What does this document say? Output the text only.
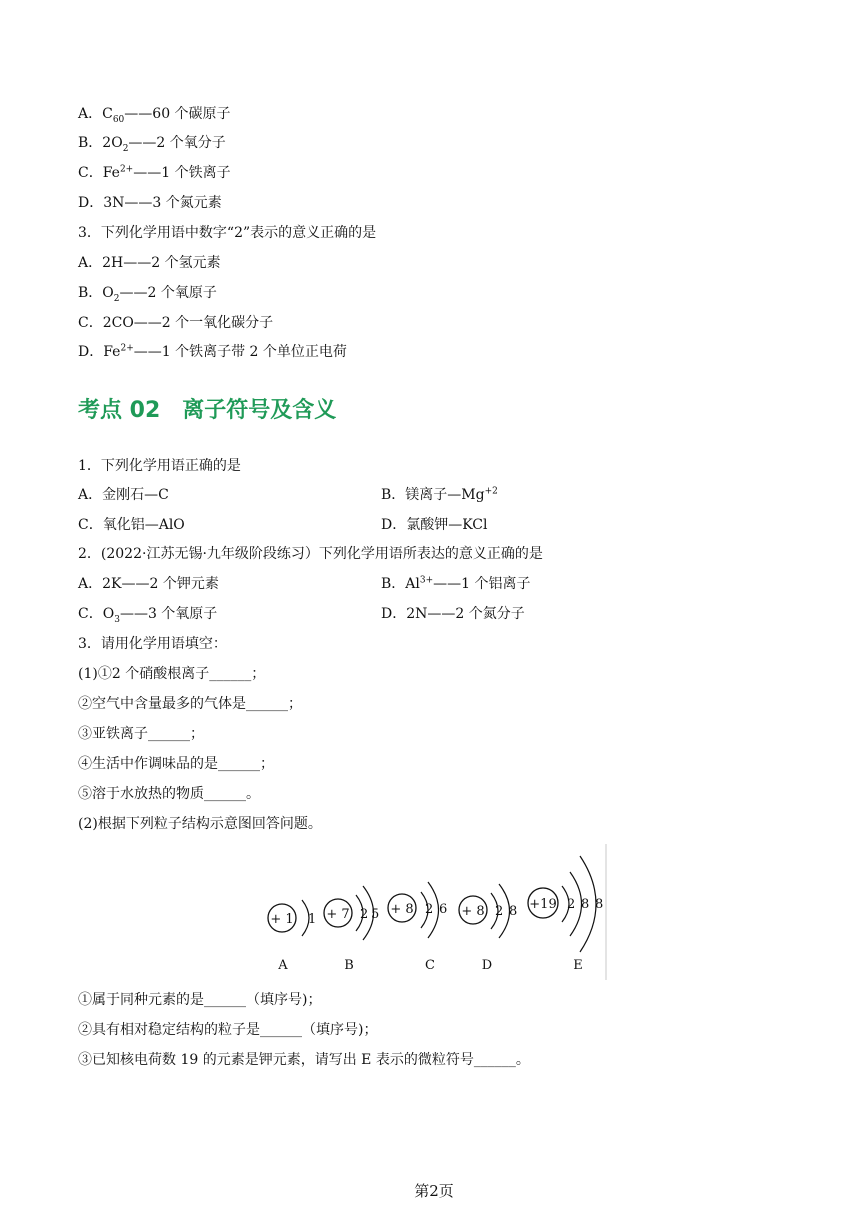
A．$C_{60}——60$ 个碳原子
B．$2O_2——2$ 个氧分子
C．$Fe^{2+}——1$ 个铁离子
D．3N——3 个氮元素
3．下列化学用语中数字“2”表示的意义正确的是
A．2H——2 个氢元素
B．$O_2——2$ 个氧原子
C．2CO——2 个一氧化碳分子
D．$Fe^{2+}——1$ 个铁离子带 2 个单位正电荷
考点 02　离子符号及含义
1．下列化学用语正确的是
A．金刚石—C	B．镁离子$—Mg^{+2}$
C．氧化铝—AlO	D．氯酸钾—KCl
2．(2022·江苏无锡·九年级阶段练习）下列化学用语所表达的意义正确的是
A．2K——2 个钾元素	B．$Al^{3+}——1$ 个铝离子
C．$O_3——3$ 个氧原子	D．2N——2 个氮分子
3．请用化学用语填空：
(1)①2 个硝酸根离子______；
②空气中含量最多的气体是______；
③亚铁离子______；
④生活中作调味品的是______；
⑤溶于水放热的物质______。
(2)根据下列粒子结构示意图回答问题。
+ 1 1
A
+ 7 2 5
B
+ 8 2 6
C
+ 8 2 8
D
+19 2 8 8
E
①属于同种元素的是______（填序号)；
②具有相对稳定结构的粒子是______（填序号)；
③已知核电荷数 19 的元素是钾元素，请写出 E 表示的微粒符号______。
第2页
